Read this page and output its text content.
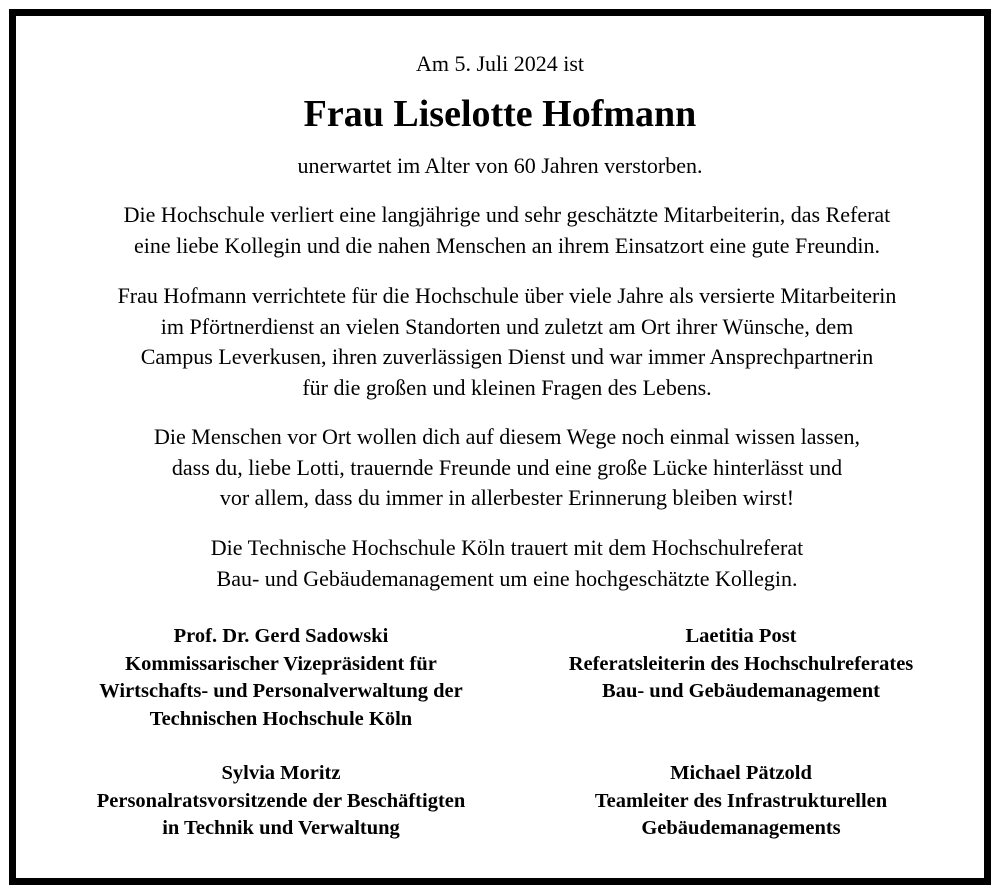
Am 5. Juli 2024 ist
Frau Liselotte Hofmann
unerwartet im Alter von 60 Jahren verstorben.
Die Hochschule verliert eine langjährige und sehr geschätzte Mitarbeiterin, das Referat
eine liebe Kollegin und die nahen Menschen an ihrem Einsatzort eine gute Freundin.
Frau Hofmann verrichtete für die Hochschule über viele Jahre als versierte Mitarbeiterin
im Pförtnerdienst an vielen Standorten und zuletzt am Ort ihrer Wünsche, dem
Campus Leverkusen, ihren zuverlässigen Dienst und war immer Ansprechpartnerin
für die großen und kleinen Fragen des Lebens.
Die Menschen vor Ort wollen dich auf diesem Wege noch einmal wissen lassen,
dass du, liebe Lotti, trauernde Freunde und eine große Lücke hinterlässt und
vor allem, dass du immer in allerbester Erinnerung bleiben wirst!
Die Technische Hochschule Köln trauert mit dem Hochschulreferat
Bau- und Gebäudemanagement um eine hochgeschätzte Kollegin.
Prof. Dr. Gerd Sadowski
Kommissarischer Vizepräsident für
Wirtschafts- und Personalverwaltung der
Technischen Hochschule Köln
Laetitia Post
Referatsleiterin des Hochschulreferates
Bau- und Gebäudemanagement
Sylvia Moritz
Personalratsvorsitzende der Beschäftigten
in Technik und Verwaltung
Michael Pätzold
Teamleiter des Infrastrukturellen
Gebäudemanagements
